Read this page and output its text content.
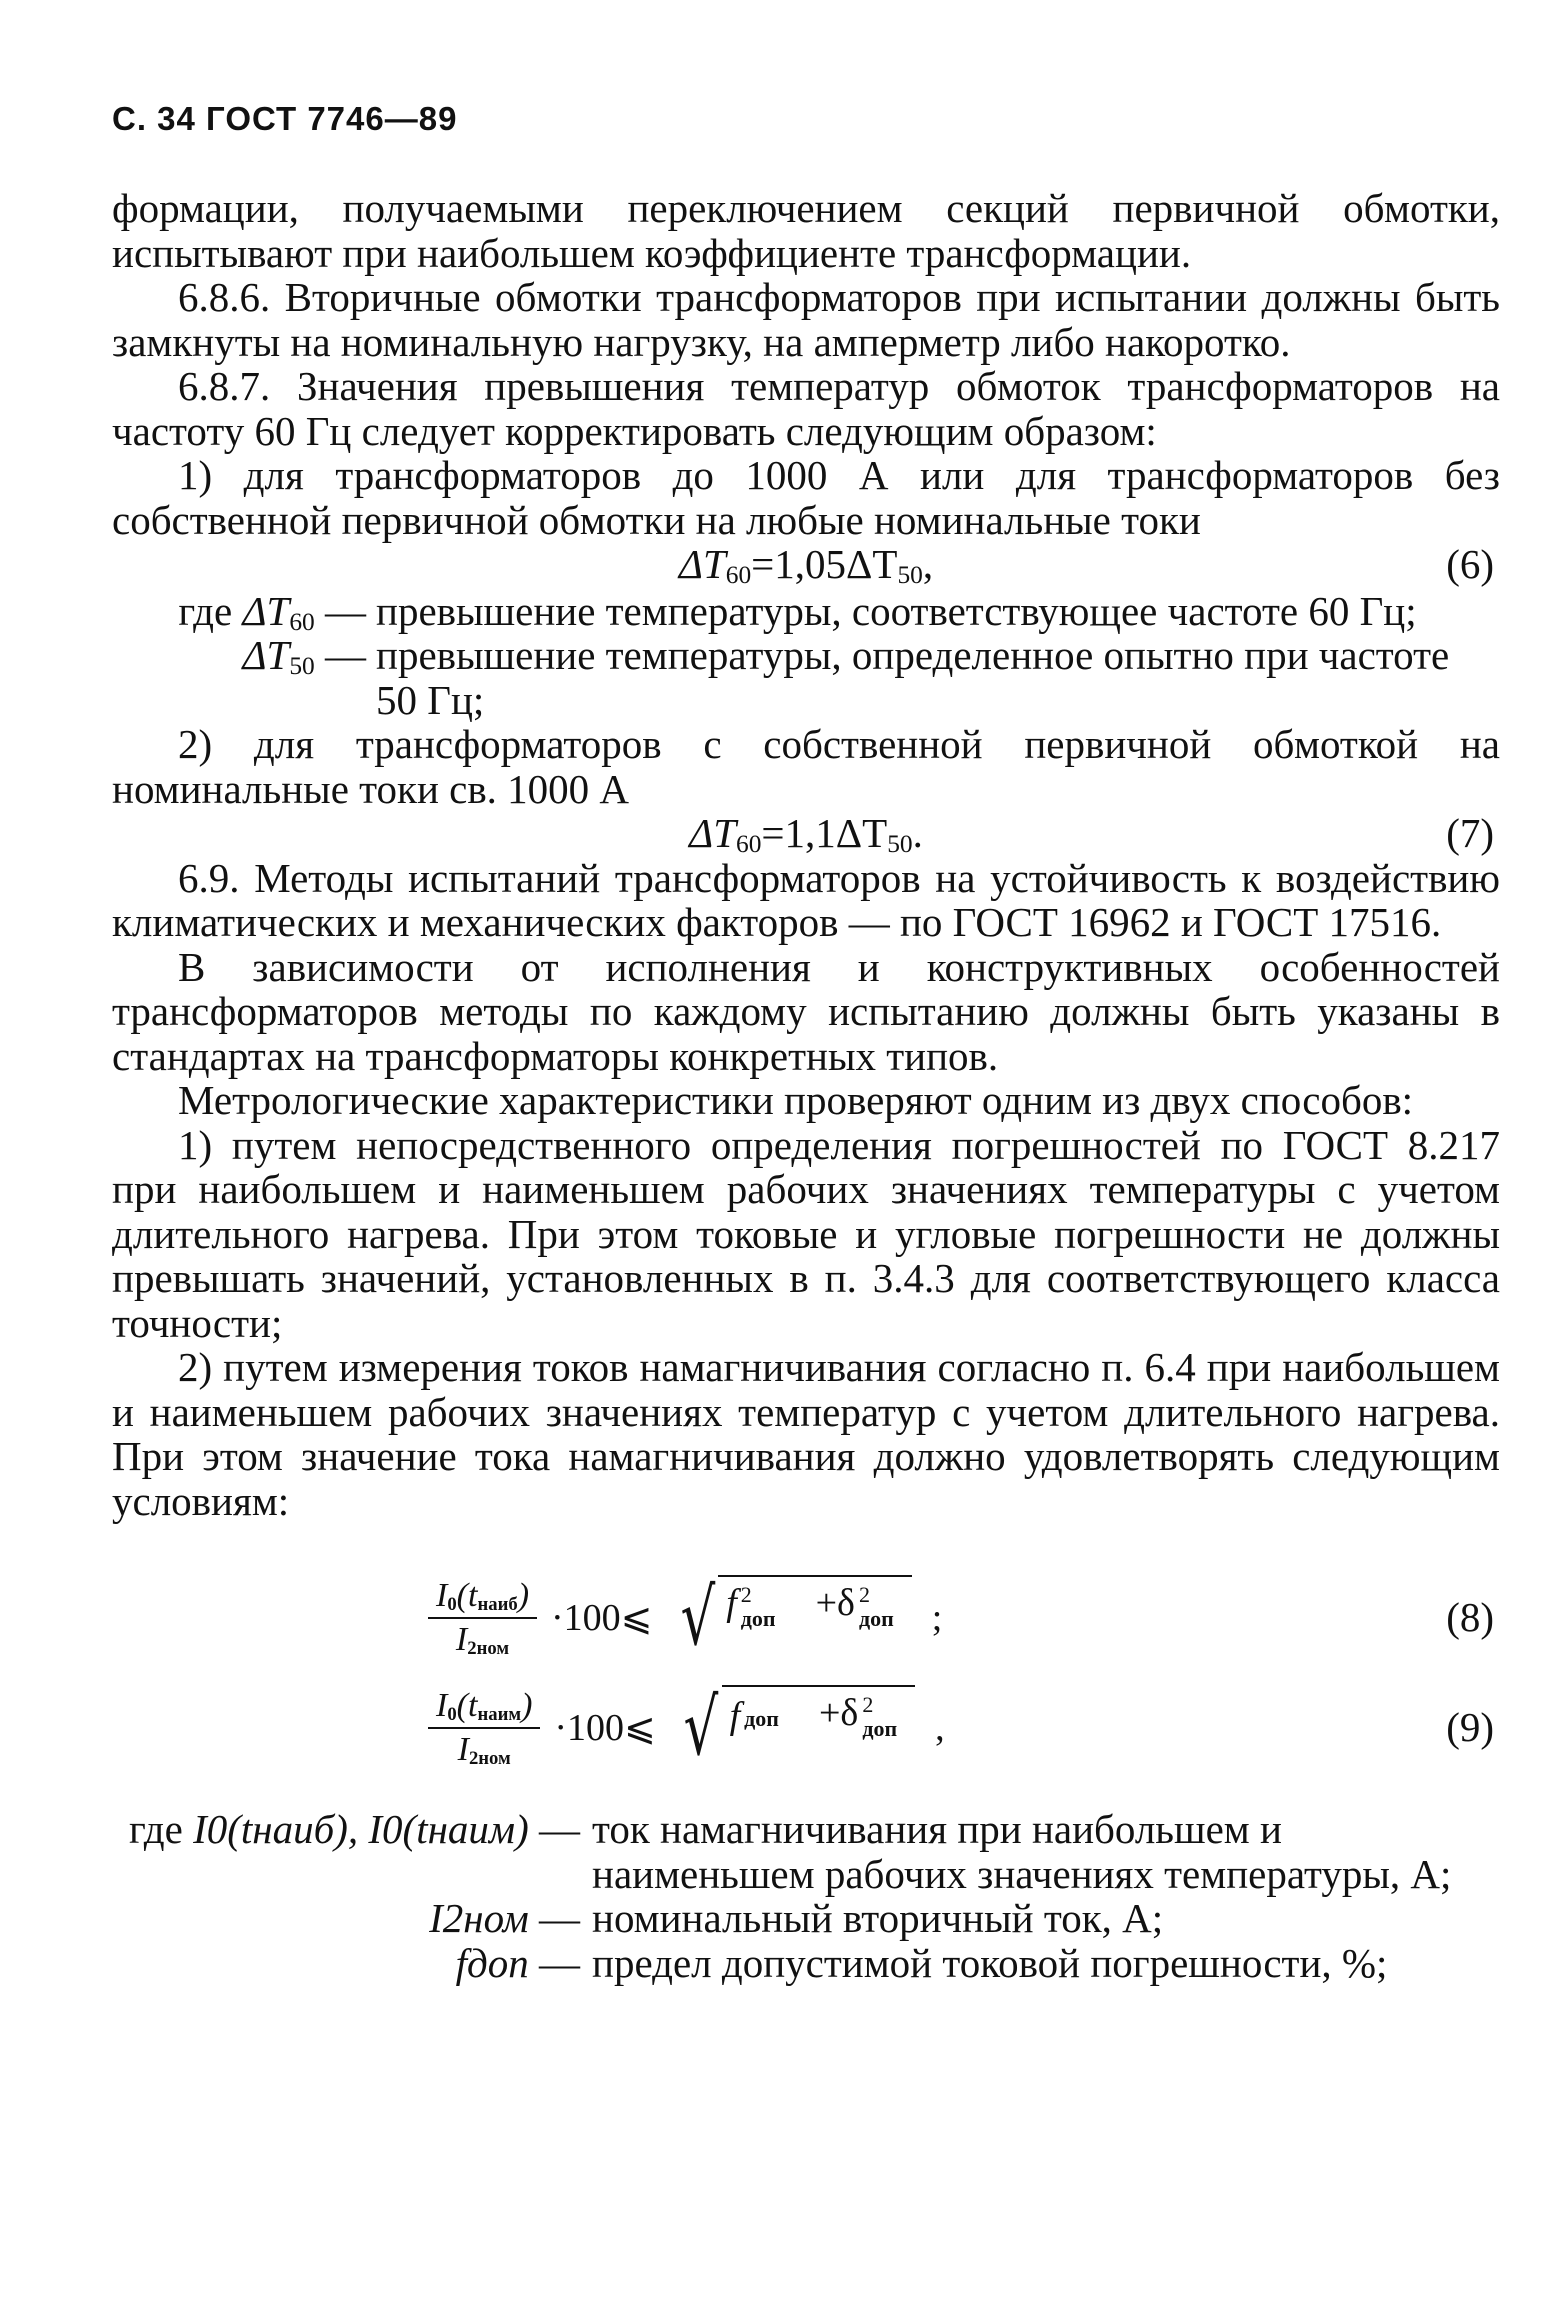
С. 34 ГОСТ 7746—89

формации, получаемыми переключением секций первичной обмотки, испытывают при наибольшем коэффициенте трансформации.

6.8.6. Вторичные обмотки трансформаторов при испытании должны быть замкнуты на номинальную нагрузку, на амперметр либо накоротко.

6.8.7. Значения превышения температур обмоток трансформаторов на частоту 60 Гц следует корректировать следующим образом:

1) для трансформаторов до 1000 А или для трансформаторов без собственной первичной обмотки на любые номинальные токи

$\Delta T_{60}=1,05\Delta T_{50}$,	(6)
где $\Delta T_{60}$ — превышение температуры, соответствующее частоте 60 Гц;
$\Delta T_{50}$ — превышение температуры, определенное опытно при частоте 50 Гц;

2) для трансформаторов с собственной первичной обмоткой на номинальные токи св. 1000 А

$\Delta T_{60}=1,1\Delta T_{50}$.	(7)

6.9. Методы испытаний трансформаторов на устойчивость к воздействию климатических и механических факторов — по ГОСТ 16962 и ГОСТ 17516.

В зависимости от исполнения и конструктивных особенностей трансформаторов методы по каждому испытанию должны быть указаны в стандартах на трансформаторы конкретных типов.

Метрологические характеристики проверяют одним из двух способов:

1) путем непосредственного определения погрешностей по ГОСТ 8.217 при наибольшем и наименьшем рабочих значениях температуры с учетом длительного нагрева. При этом токовые и угловые погрешности не должны превышать значений, установленных в п. 3.4.3 для соответствующего класса точности;

2) путем измерения токов намагничивания согласно п. 6.4 при наибольшем и наименьшем рабочих значениях температур с учетом длительного нагрева. При этом значение тока намагничивания должно удовлетворять следующим условиям:

$\frac{I_0(t_{наиб})}{I_{2ном}}$ ·100⩽ √ f 2
доп +δ 2
доп ;	(8)
$\frac{I_0(t_{наим})}{I_{2ном}}$ ·100⩽ √ f доп +δ 2
доп ,	(9)
где I0(tнаиб), I0(tнаим) — ток намагничивания при наибольшем и наименьшем рабочих значениях температуры, А;
I2ном — номинальный вторичный ток, А;
fдоп — предел допустимой токовой погрешности, %;
